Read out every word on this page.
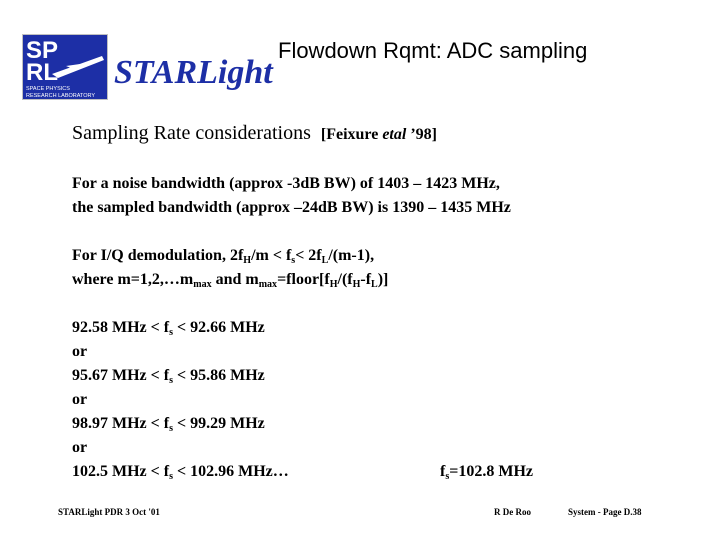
SP
RL
SPACE PHYSICS
RESEARCH LABORATORY
STARLight
Flowdown Rqmt: ADC sampling
Sampling Rate considerations [Feixure etal ’98]
For a noise bandwidth (approx -3dB BW) of 1403 – 1423 MHz,
the sampled bandwidth (approx –24dB BW) is 1390 – 1435 MHz
For I/Q demodulation, $2f_H/m < f_s< 2f_L/(m-1)$,
where $m=1,2,\dots m_{max}$ and $m_{max}=floor[f_H/(f_H-f_L)]$
92.58 MHz < $f_s < 92.66$ MHz
or
95.67 MHz < $f_s < 95.86$ MHz
or
98.97 MHz < $f_s < 99.29$ MHz
or
102.5 MHz < $f_s < 102.96$ MHz…	$f_s=102.8$ MHz
STARLight PDR 3 Oct '01	R De Roo	System - Page D.38
